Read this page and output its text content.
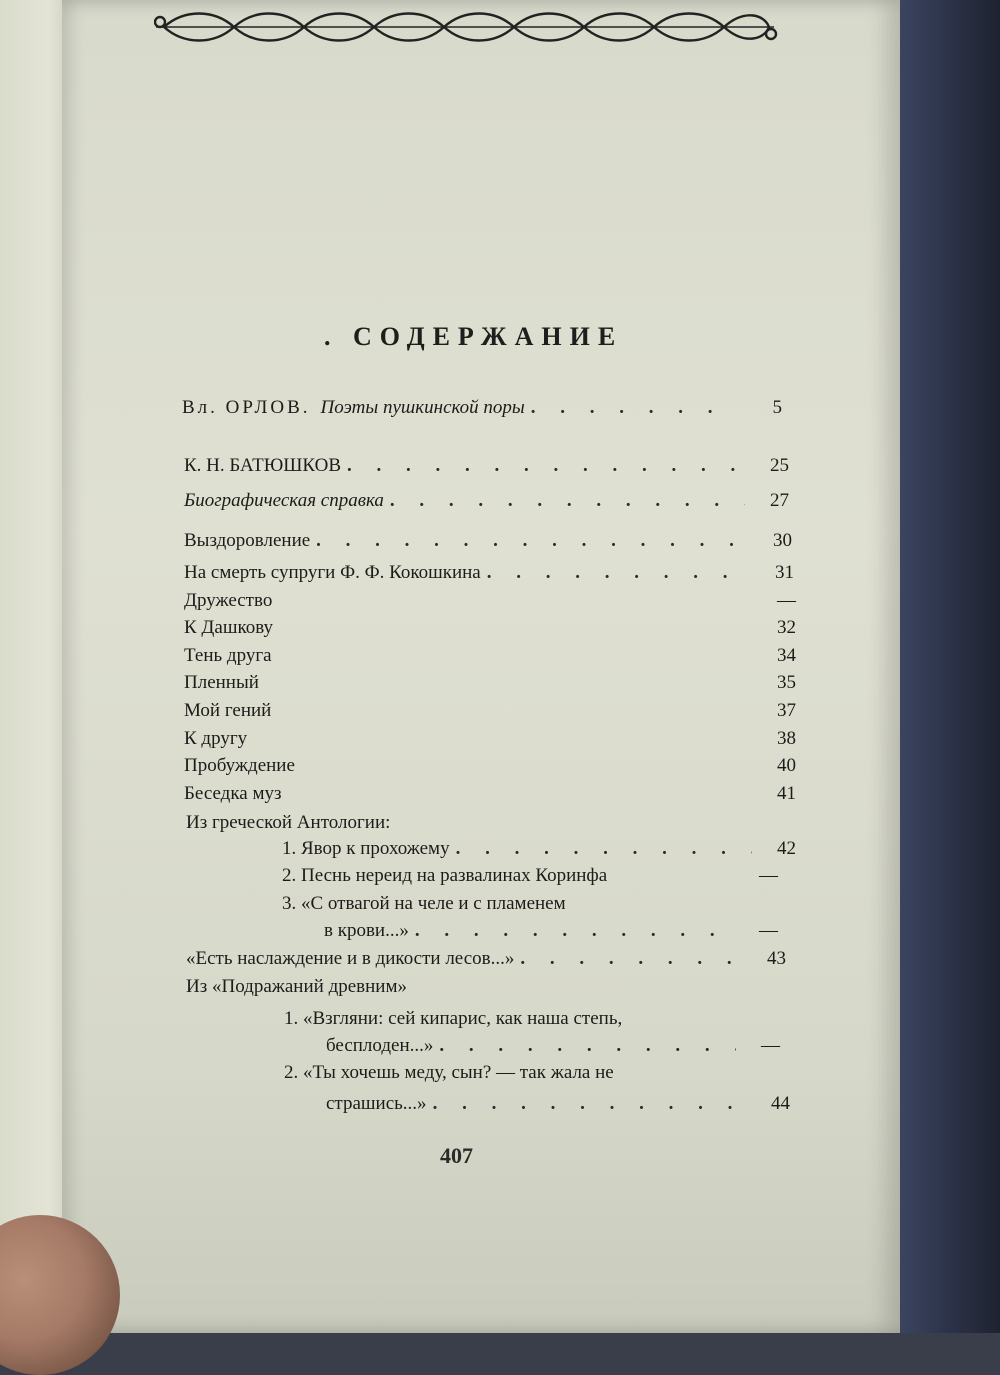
. СОДЕРЖАНИЕ
Вл. ОРЛОВ. Поэты пушкинской поры . . .	5
К. Н. БАТЮШКОВ . . .	25
Биографическая справка . . .	27
Выздоровление . . .	30
На смерть супруги Ф. Ф. Кокошкина . . .	31
Дружество	—
К Дашкову	32
Тень друга	34
Пленный	35
Мой гений	37
К другу	38
Пробуждение	40
Беседка муз	41
Из греческой Антологии:
1. Явор к прохожему . . .	42
2. Песнь нереид на развалинах Коринфа	—
3. «С отвагой на челе и с пламенем
в крови...» . . .	—
«Есть наслаждение и в дикости лесов...» . . .	43
Из «Подражаний древним»
1. «Взгляни: сей кипарис, как наша степь,
бесплоден...» . . .	—
2. «Ты хочешь меду, сын? — так жала не
страшись...» . . .	44
407
